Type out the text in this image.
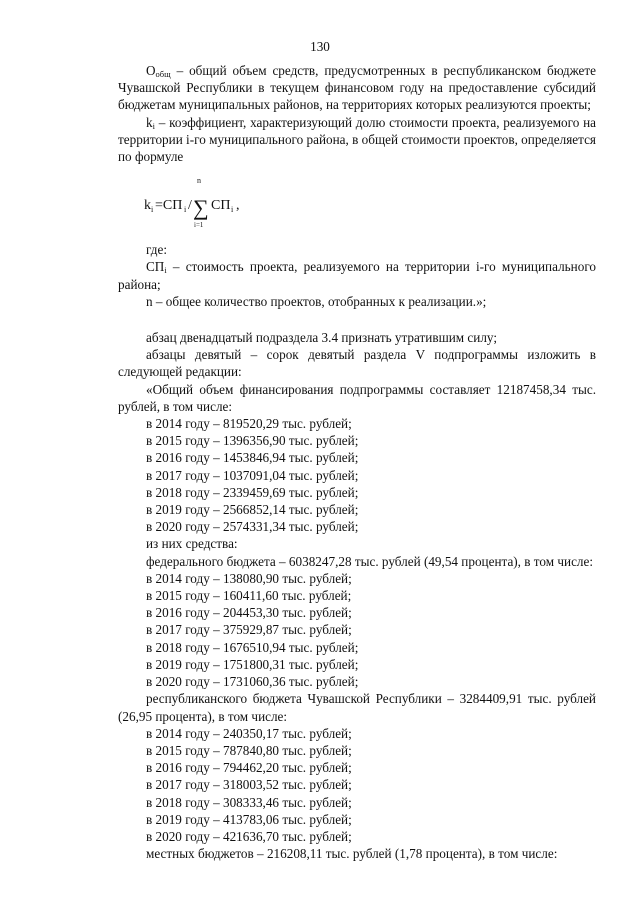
130

$О_{общ}$ – общий объем средств, предусмотренных в республиканском бюджете Чувашской Республики в текущем финансовом году на предоставление субсидий бюджетам муниципальных районов, на территориях которых реализуются проекты;

$k_i$ – коэффициент, характеризующий долю стоимости проекта, реализуемого на территории i-го муниципального района, в общей стоимости проектов, определяется по формуле

k i =СП i /
n
∑
i=1
СП i ,

где:

$СП_i$ – стоимость проекта, реализуемого на территории i-го муниципального района;

n – общее количество проектов, отобранных к реализации.»;

абзац двенадцатый подраздела 3.4 признать утратившим силу;

абзацы девятый – сорок девятый раздела V подпрограммы изложить в следующей редакции:

«Общий объем финансирования подпрограммы составляет 12187458,34 тыс. рублей, в том числе:

в 2014 году – 819520,29 тыс. рублей;

в 2015 году – 1396356,90 тыс. рублей;

в 2016 году – 1453846,94 тыс. рублей;

в 2017 году – 1037091,04 тыс. рублей;

в 2018 году – 2339459,69 тыс. рублей;

в 2019 году – 2566852,14 тыс. рублей;

в 2020 году – 2574331,34 тыс. рублей;

из них средства:

федерального бюджета – 6038247,28 тыс. рублей (49,54 процента), в том числе:

в 2014 году – 138080,90 тыс. рублей;

в 2015 году – 160411,60 тыс. рублей;

в 2016 году – 204453,30 тыс. рублей;

в 2017 году – 375929,87 тыс. рублей;

в 2018 году – 1676510,94 тыс. рублей;

в 2019 году – 1751800,31 тыс. рублей;

в 2020 году – 1731060,36 тыс. рублей;

республиканского бюджета Чувашской Республики – 3284409,91 тыс. рублей (26,95 процента), в том числе:

в 2014 году – 240350,17 тыс. рублей;

в 2015 году – 787840,80 тыс. рублей;

в 2016 году – 794462,20 тыс. рублей;

в 2017 году – 318003,52 тыс. рублей;

в 2018 году – 308333,46 тыс. рублей;

в 2019 году – 413783,06 тыс. рублей;

в 2020 году – 421636,70 тыс. рублей;

местных бюджетов – 216208,11 тыс. рублей (1,78 процента), в том числе:
